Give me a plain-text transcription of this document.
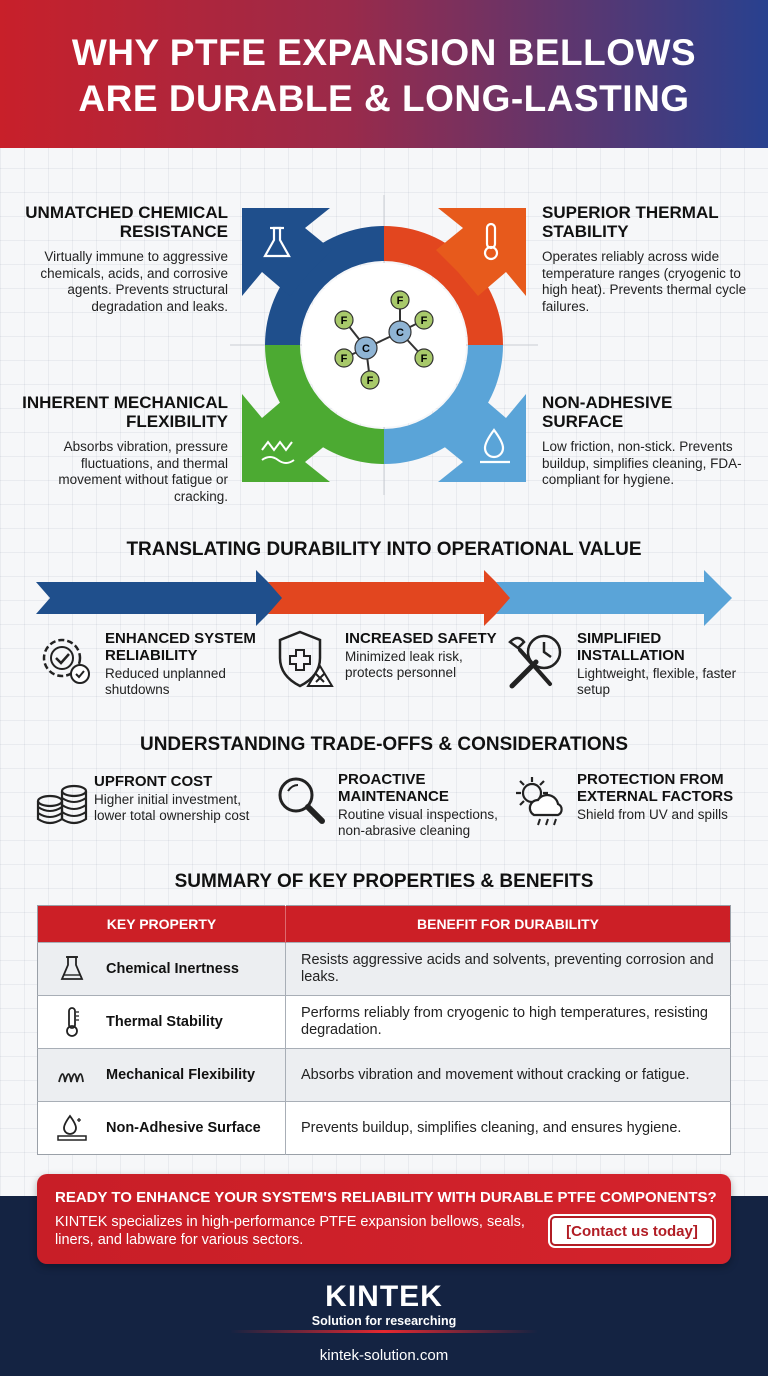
WHY PTFE EXPANSION BELLOWS
ARE DURABLE & LONG-LASTING
F
F
F
F
F
F
C
C
UNMATCHED CHEMICAL RESISTANCE
Virtually immune to aggressive chemicals, acids, and corrosive agents. Prevents structural degradation and leaks.
SUPERIOR THERMAL STABILITY
Operates reliably across wide temperature ranges (cryogenic to high heat). Prevents thermal cycle failures.
INHERENT MECHANICAL FLEXIBILITY
Absorbs vibration, pressure fluctuations, and thermal movement without fatigue or cracking.
NON-ADHESIVE SURFACE
Low friction, non-stick. Prevents buildup, simplifies cleaning, FDA-compliant for hygiene.
TRANSLATING DURABILITY INTO OPERATIONAL VALUE
ENHANCED SYSTEM RELIABILITY
Reduced unplanned shutdowns
INCREASED SAFETY
Minimized leak risk, protects personnel
SIMPLIFIED INSTALLATION
Lightweight, flexible, faster setup
UNDERSTANDING TRADE-OFFS & CONSIDERATIONS
UPFRONT COST
Higher initial investment, lower total ownership cost
PROACTIVE MAINTENANCE
Routine visual inspections, non-abrasive cleaning
PROTECTION FROM EXTERNAL FACTORS
Shield from UV and spills
SUMMARY OF KEY PROPERTIES & BENEFITS
KEY PROPERTY	BENEFIT FOR DURABILITY

Chemical Inertness	Resists aggressive acids and solvents, preventing corrosion and leaks.

Thermal Stability	Performs reliably from cryogenic to high temperatures, resisting degradation.

Mechanical Flexibility	Absorbs vibration and movement without cracking or fatigue.

Non-Adhesive Surface	Prevents buildup, simplifies cleaning, and ensures hygiene.
READY TO ENHANCE YOUR SYSTEM'S RELIABILITY WITH DURABLE PTFE COMPONENTS?
KINTEK specializes in high-performance PTFE expansion bellows, seals, liners, and labware for various sectors.
[Contact us today]
KINTEK
Solution for researching
kintek-solution.com
